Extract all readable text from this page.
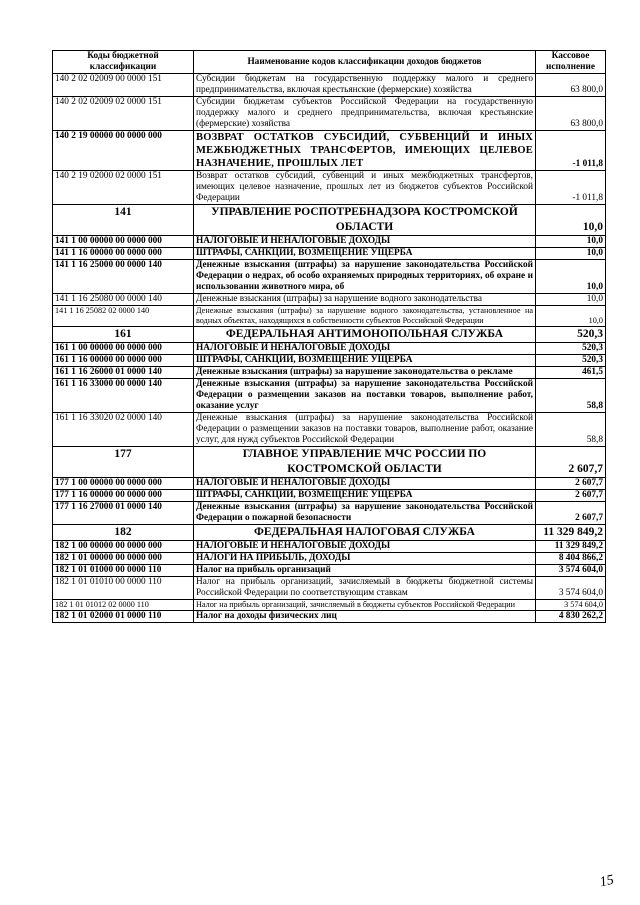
Коды бюджетной классификации	Наименование кодов классификации доходов бюджетов	Кассовое исполнение
140 2 02 02009 00 0000 151	Субсидии бюджетам на государственную поддержку малого и среднего предпринимательства, включая крестьянские (фермерские) хозяйства	63 800,0
140 2 02 02009 02 0000 151	Субсидии бюджетам субъектов Российской Федерации на государственную поддержку малого и среднего предпринимательства, включая крестьянские (фермерские) хозяйства	63 800,0
140 2 19 00000 00 0000 000	ВОЗВРАТ ОСТАТКОВ СУБСИДИЙ, СУБВЕНЦИЙ И ИНЫХ МЕЖБЮДЖЕТНЫХ ТРАНСФЕРТОВ, ИМЕЮЩИХ ЦЕЛЕВОЕ НАЗНАЧЕНИЕ, ПРОШЛЫХ ЛЕТ	-1 011,8
140 2 19 02000 02 0000 151	Возврат остатков субсидий, субвенций и иных межбюджетных трансфертов, имеющих целевое назначение, прошлых лет из бюджетов субъектов Российской Федерации	-1 011,8
141	УПРАВЛЕНИЕ РОСПОТРЕБНАДЗОРА КОСТРОМСКОЙ ОБЛАСТИ	10,0
141 1 00 00000 00 0000 000	НАЛОГОВЫЕ И НЕНАЛОГОВЫЕ ДОХОДЫ	10,0
141 1 16 00000 00 0000 000	ШТРАФЫ, САНКЦИИ, ВОЗМЕЩЕНИЕ УЩЕРБА	10,0
141 1 16 25000 00 0000 140	Денежные взыскания (штрафы) за нарушение законодательства Российской Федерации о недрах, об особо охраняемых природных территориях, об охране и использовании животного мира, об	10,0
141 1 16 25080 00 0000 140	Денежные взыскания (штрафы) за нарушение водного законодательства	10,0
141 1 16 25082 02 0000 140	Денежные взыскания (штрафы) за нарушение водного законодательства, установленное на водных объектах, находящихся в собственности субъектов Российской Федерации	10,0
161	ФЕДЕРАЛЬНАЯ АНТИМОНОПОЛЬНАЯ СЛУЖБА	520,3
161 1 00 00000 00 0000 000	НАЛОГОВЫЕ И НЕНАЛОГОВЫЕ ДОХОДЫ	520,3
161 1 16 00000 00 0000 000	ШТРАФЫ, САНКЦИИ, ВОЗМЕЩЕНИЕ УЩЕРБА	520,3
161 1 16 26000 01 0000 140	Денежные взыскания (штрафы) за нарушение законодательства о рекламе	461,5
161 1 16 33000 00 0000 140	Денежные взыскания (штрафы) за нарушение законодательства Российской Федерации о размещении заказов на поставки товаров, выполнение работ, оказание услуг	58,8
161 1 16 33020 02 0000 140	Денежные взыскания (штрафы) за нарушение законодательства Российской Федерации о размещении заказов на поставки товаров, выполнение работ, оказание услуг, для нужд субъектов Российской Федерации	58,8
177	ГЛАВНОЕ УПРАВЛЕНИЕ МЧС РОССИИ ПО КОСТРОМСКОЙ ОБЛАСТИ	2 607,7
177 1 00 00000 00 0000 000	НАЛОГОВЫЕ И НЕНАЛОГОВЫЕ ДОХОДЫ	2 607,7
177 1 16 00000 00 0000 000	ШТРАФЫ, САНКЦИИ, ВОЗМЕЩЕНИЕ УЩЕРБА	2 607,7
177 1 16 27000 01 0000 140	Денежные взыскания (штрафы) за нарушение законодательства Российской Федерации о пожарной безопасности	2 607,7
182	ФЕДЕРАЛЬНАЯ НАЛОГОВАЯ СЛУЖБА	11 329 849,2
182 1 00 00000 00 0000 000	НАЛОГОВЫЕ И НЕНАЛОГОВЫЕ ДОХОДЫ	11 329 849,2
182 1 01 00000 00 0000 000	НАЛОГИ НА ПРИБЫЛЬ, ДОХОДЫ	8 404 866,2
182 1 01 01000 00 0000 110	Налог на прибыль организаций	3 574 604,0
182 1 01 01010 00 0000 110	Налог на прибыль организаций, зачисляемый в бюджеты бюджетной системы Российской Федерации по соответствующим ставкам	3 574 604,0
182 1 01 01012 02 0000 110	Налог на прибыль организаций, зачисляемый в бюджеты субъектов Российской Федерации	3 574 604,0
182 1 01 02000 01 0000 110	Налог на доходы физических лиц	4 830 262,2
15
